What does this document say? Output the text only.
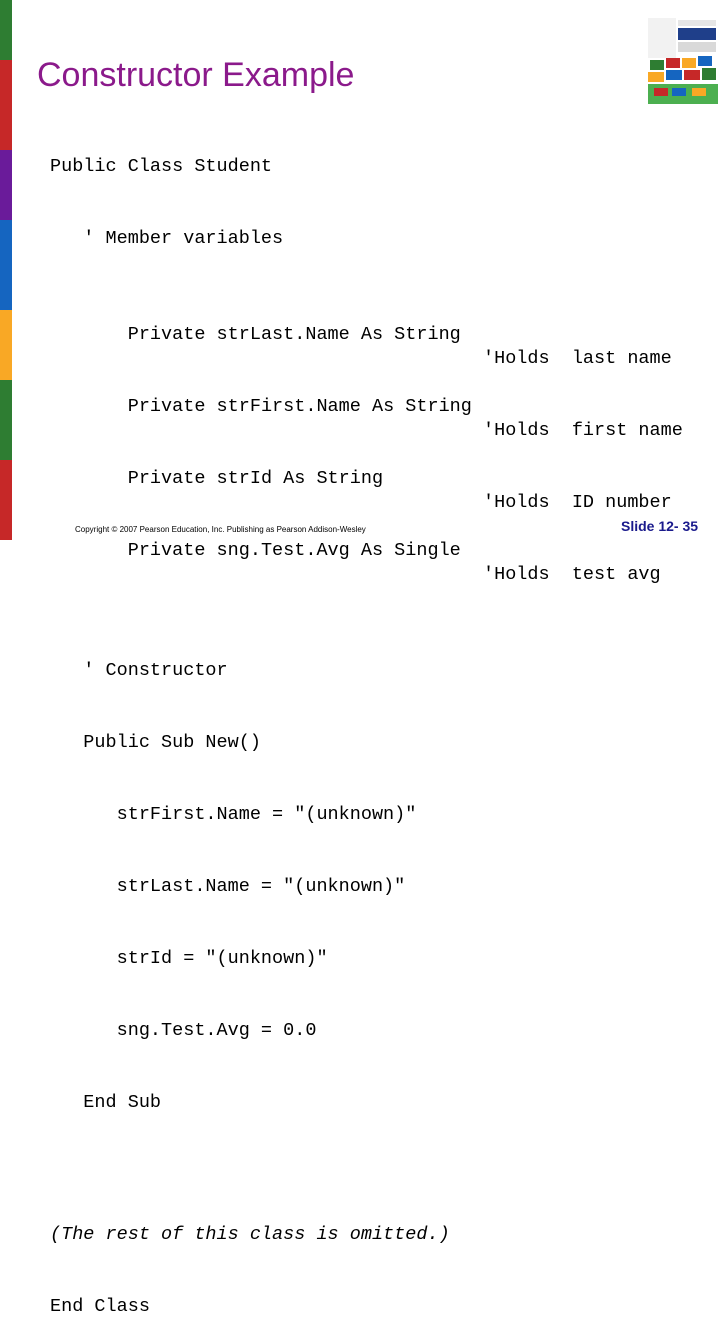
Constructor Example

Public Class Student

' Member variables

Private strLast.Name As String

'Holds  last name

Private strFirst.Name As String

'Holds  first name

Private strId As String

'Holds  ID number

Private sng.Test.Avg As Single

'Holds  test avg

' Constructor

Public Sub New()

strFirst.Name = "(unknown)"

strLast.Name = "(unknown)"

strId = "(unknown)"

sng.Test.Avg = 0.0

End Sub

(The rest of this class is omitted.)

End Class

Copyright © 2007 Pearson Education, Inc. Publishing as Pearson Addison-Wesley	Slide 12- 35
